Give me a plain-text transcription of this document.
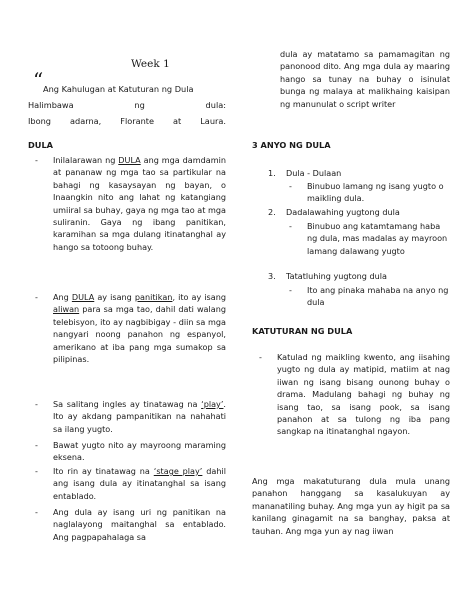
Week 1
“ Ang Kahulugan at Katuturan ng Dula
Halimbawa ng dula:
Ibong adarna, Florante at Laura.
DULA
- Inilalarawan ng DULA ang mga damdamin at pananaw ng mga tao sa partikular na bahagi ng kasaysayan ng bayan, o Inaangkin nito ang lahat ng katangiang umiiral sa buhay, gaya ng mga tao at mga suliranin. Gaya ng ibang panitikan, karamihan sa mga dulang itinatanghal ay hango sa totoong buhay.
- Ang DULA ay isang panitikan, ito ay isang aliwan para sa mga tao, dahil dati walang telebisyon, ito ay nagbibigay - diin sa mga nangyari noong panahon ng espanyol, amerikano at iba pang mga sumakop sa pilipinas.
- Sa salitang ingles ay tinatawag na ‘play’. Ito ay akdang pampanitikan na nahahati sa ilang yugto.
- Bawat yugto nito ay mayroong maraming eksena.
- Ito rin ay tinatawag na ‘stage play’ dahil ang isang dula ay itinatanghal sa isang entablado.
- Ang dula ay isang uri ng panitikan na naglalayong maitanghal sa entablado. Ang pagpapahalaga sa
dula ay matatamo sa pamamagitan ng panonood dito. Ang mga dula ay maaring hango sa tunay na buhay o isinulat bunga ng malaya at malikhaing kaisipan ng manunulat o script writer
3 ANYO NG DULA
1. Dula - Dulaan
- Binubuo lamang ng isang yugto o maikling dula.
2. Dadalawahing yugtong dula
- Binubuo ang katamtamang haba ng dula, mas madalas ay mayroon lamang dalawang yugto
3. Tatatluhing yugtong dula
- Ito ang pinaka mahaba na anyo ng dula
KATUTURAN NG DULA
- Katulad ng maikling kwento, ang iisahing yugto ng dula ay matipid, matiim at nag iiwan ng isang bisang ounong buhay o drama. Madulang bahagi ng buhay ng isang tao, sa isang pook, sa isang panahon at sa tulong ng iba pang sangkap na itinatanghal ngayon.
Ang mga makatuturang dula mula unang panahon hanggang sa kasalukuyan ay mananatiling buhay. Ang mga yun ay higit pa sa kanilang ginagamit na sa banghay, paksa at tauhan. Ang mga yun ay nag iiwan
